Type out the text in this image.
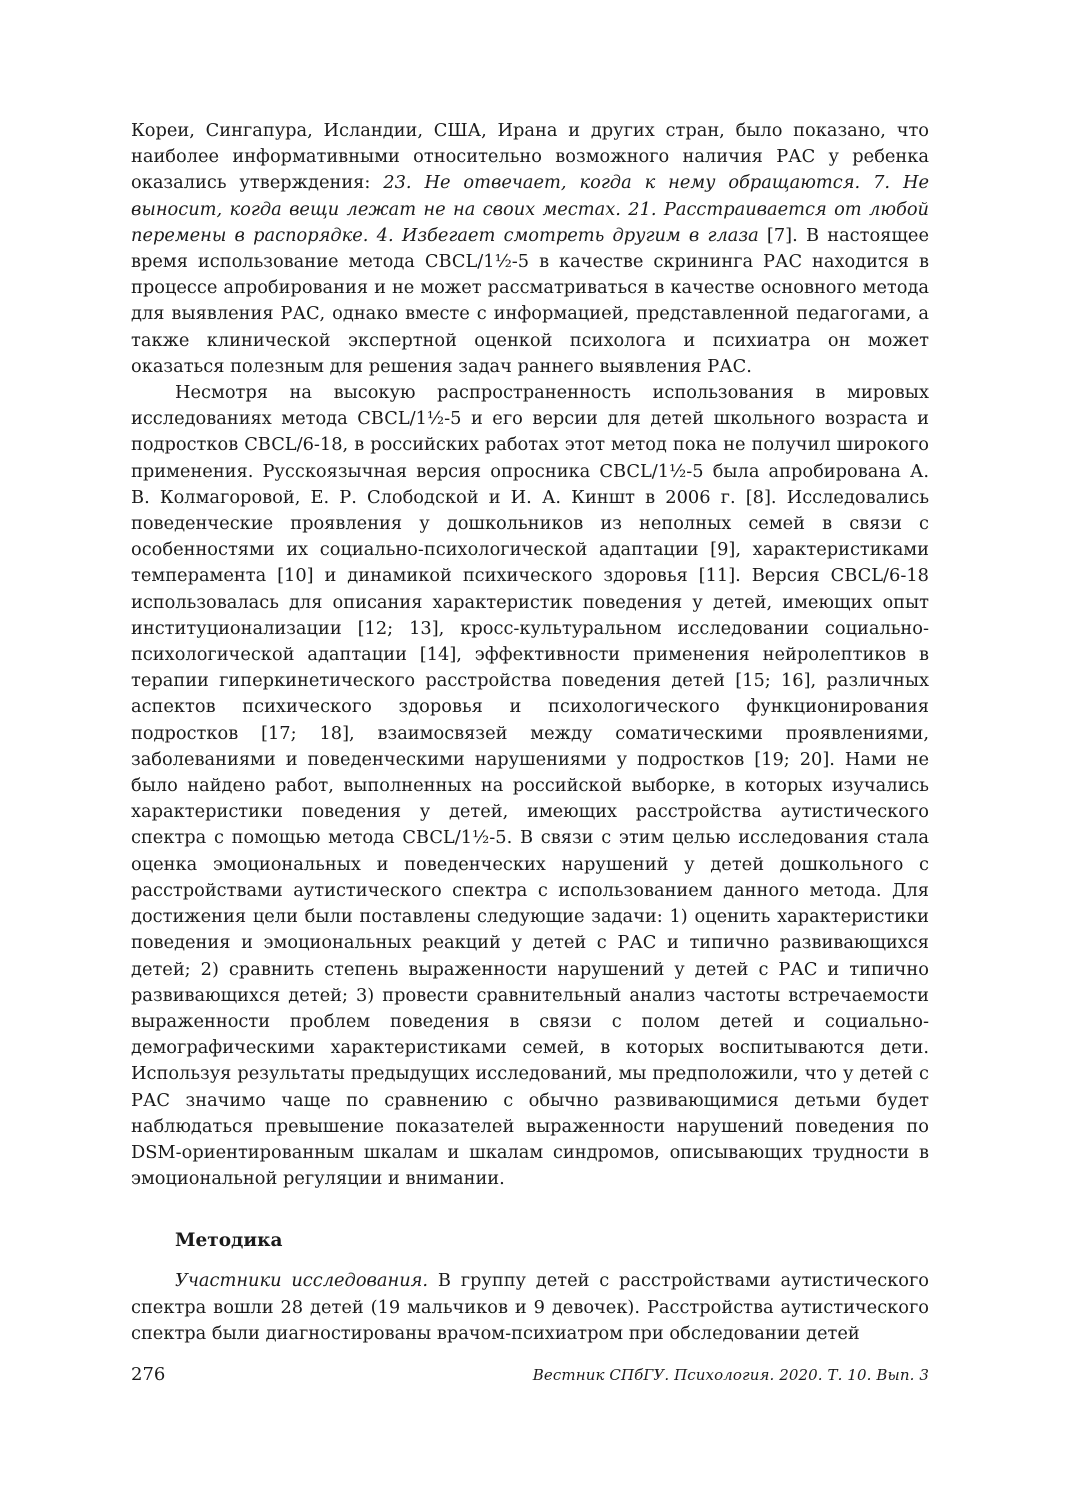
Кореи, Сингапура, Исландии, США, Ирана и других стран, было показано, что наиболее информативными относительно возможного наличия РАС у ребенка оказались утверждения: 23. Не отвечает, когда к нему обращаются. 7. Не выносит, когда вещи лежат не на своих местах. 21. Расстраивается от любой перемены в распорядке. 4. Избегает смотреть другим в глаза [7]. В настоящее время использование метода CBCL/1½-5 в качестве скрининга РАС находится в процессе апробирования и не может рассматриваться в качестве основного метода для выявления РАС, однако вместе с информацией, представленной педагогами, а также клинической экспертной оценкой психолога и психиатра он может оказаться полезным для решения задач раннего выявления РАС.

Несмотря на высокую распространенность использования в мировых исследованиях метода CBCL/1½-5 и его версии для детей школьного возраста и подростков CBCL/6-18, в российских работах этот метод пока не получил широкого применения. Русскоязычная версия опросника CBCL/1½-5 была апробирована А. В. Колмагоровой, Е. Р. Слободской и И. А. Киншт в 2006 г. [8]. Исследовались поведенческие проявления у дошкольников из неполных семей в связи с особенностями их социально-психологической адаптации [9], характеристиками темперамента [10] и динамикой психического здоровья [11]. Версия CBCL/6-18 использовалась для описания характеристик поведения у детей, имеющих опыт институционализации [12; 13], кросс-культуральном исследовании социально-психологической адаптации [14], эффективности применения нейролептиков в терапии гиперкинетического расстройства поведения детей [15; 16], различных аспектов психического здоровья и психологического функционирования подростков [17; 18], взаимосвязей между соматическими проявлениями, заболеваниями и поведенческими нарушениями у подростков [19; 20]. Нами не было найдено работ, выполненных на российской выборке, в которых изучались характеристики поведения у детей, имеющих расстройства аутистического спектра с помощью метода CBCL/1½-5. В связи с этим целью исследования стала оценка эмоциональных и поведенческих нарушений у детей дошкольного с расстройствами аутистического спектра с использованием данного метода. Для достижения цели были поставлены следующие задачи: 1) оценить характеристики поведения и эмоциональных реакций у детей с РАС и типично развивающихся детей; 2) сравнить степень выраженности нарушений у детей с РАС и типично развивающихся детей; 3) провести сравнительный анализ частоты встречаемости выраженности проблем поведения в связи с полом детей и социально-демографическими характеристиками семей, в которых воспитываются дети. Используя результаты предыдущих исследований, мы предположили, что у детей с РАС значимо чаще по сравнению с обычно развивающимися детьми будет наблюдаться превышение показателей выраженности нарушений поведения по DSM-ориентированным шкалам и шкалам синдромов, описывающих трудности в эмоциональной регуляции и внимании.

Методика

Участники исследования. В группу детей с расстройствами аутистического спектра вошли 28 детей (19 мальчиков и 9 девочек). Расстройства аутистического спектра были диагностированы врачом-психиатром при обследовании детей

276	Вестник СПбГУ. Психология. 2020. Т. 10. Вып. 3
